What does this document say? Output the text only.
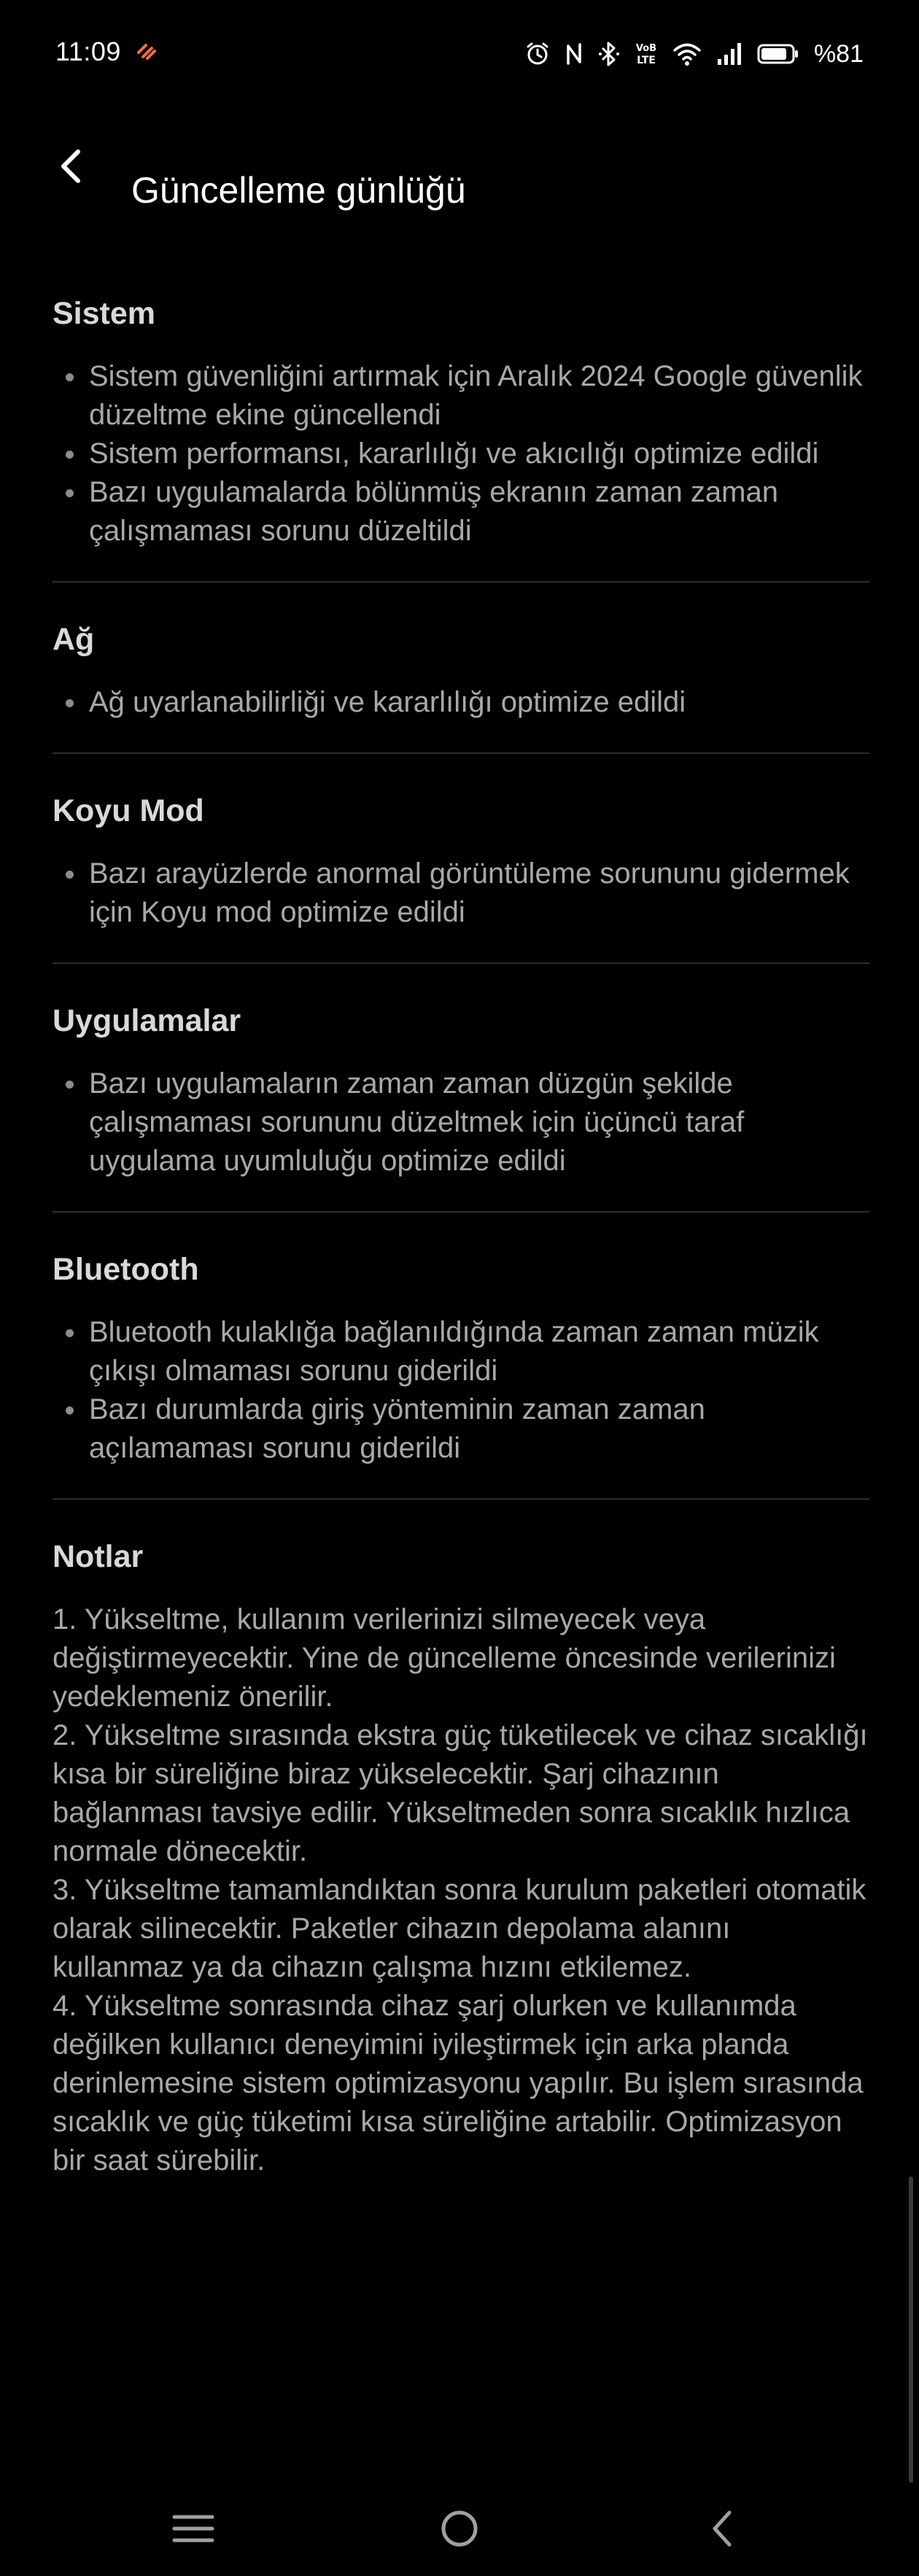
11:09	VoB
LTE	%81
Güncelleme günlüğü
Sistem
Sistem güvenliğini artırmak için Aralık 2024 Google güvenlik düzeltme ekine güncellendi
Sistem performansı, kararlılığı ve akıcılığı optimize edildi
Bazı uygulamalarda bölünmüş ekranın zaman zaman çalışmaması sorunu düzeltildi
Ağ
Ağ uyarlanabilirliği ve kararlılığı optimize edildi
Koyu Mod
Bazı arayüzlerde anormal görüntüleme sorununu gidermek için Koyu mod optimize edildi
Uygulamalar
Bazı uygulamaların zaman zaman düzgün şekilde çalışmaması sorununu düzeltmek için üçüncü taraf uygulama uyumluluğu optimize edildi
Bluetooth
Bluetooth kulaklığa bağlanıldığında zaman zaman müzik çıkışı olmaması sorunu giderildi
Bazı durumlarda giriş yönteminin zaman zaman açılamaması sorunu giderildi
Notlar

1. Yükseltme, kullanım verilerinizi silmeyecek veya değiştirmeyecektir. Yine de güncelleme öncesinde verilerinizi yedeklemeniz önerilir.

2. Yükseltme sırasında ekstra güç tüketilecek ve cihaz sıcaklığı kısa bir süreliğine biraz yükselecektir. Şarj cihazının bağlanması tavsiye edilir. Yükseltmeden sonra sıcaklık hızlıca normale dönecektir.

3. Yükseltme tamamlandıktan sonra kurulum paketleri otomatik olarak silinecektir. Paketler cihazın depolama alanını kullanmaz ya da cihazın çalışma hızını etkilemez.

4. Yükseltme sonrasında cihaz şarj olurken ve kullanımda değilken kullanıcı deneyimini iyileştirmek için arka planda derinlemesine sistem optimizasyonu yapılır. Bu işlem sırasında sıcaklık ve güç tüketimi kısa süreliğine artabilir. Optimizasyon bir saat sürebilir.
